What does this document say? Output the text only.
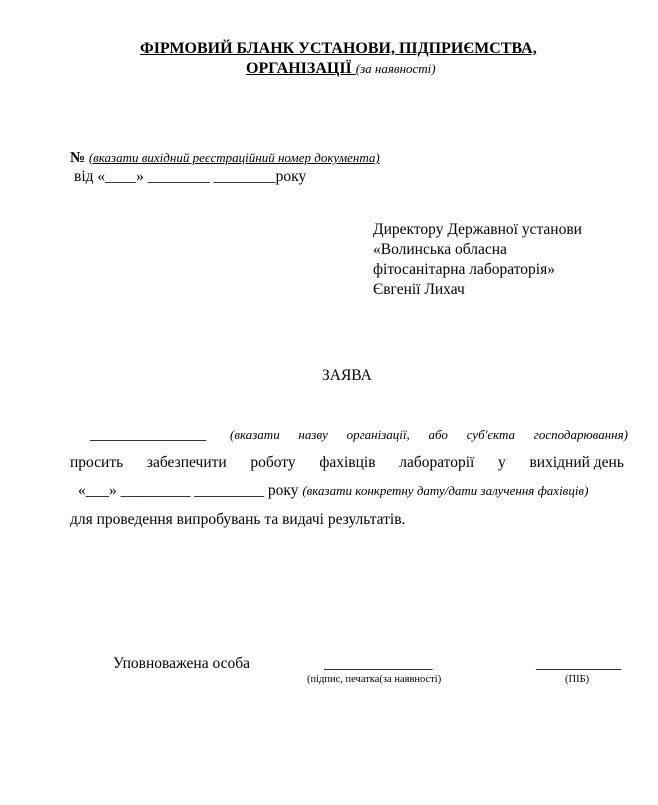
ФІРМОВИЙ БЛАНК УСТАНОВИ, ПІДПРИЄМСТВА,
ОРГАНІЗАЦІЇ (за наявності)
№ (вказати вихідний реєстраційний номер документа)
від «____» ________ ________року
Директору Державної установи
«Волинська обласна
фітосанітарна лабораторія»
Євгенії Лихач
ЗАЯВА
_______________ (вказати назву організації, або суб'єкта господарювання)
просить забезпечити роботу фахівців лабораторії у вихідний день
«___» _________ _________ року (вказати конкретну дату/дати залучення фахівців)
для проведення випробувань та видачі результатів.
Уповноважена особа	______________
(підпис, печатка(за наявності)
___________
(ПІБ)
